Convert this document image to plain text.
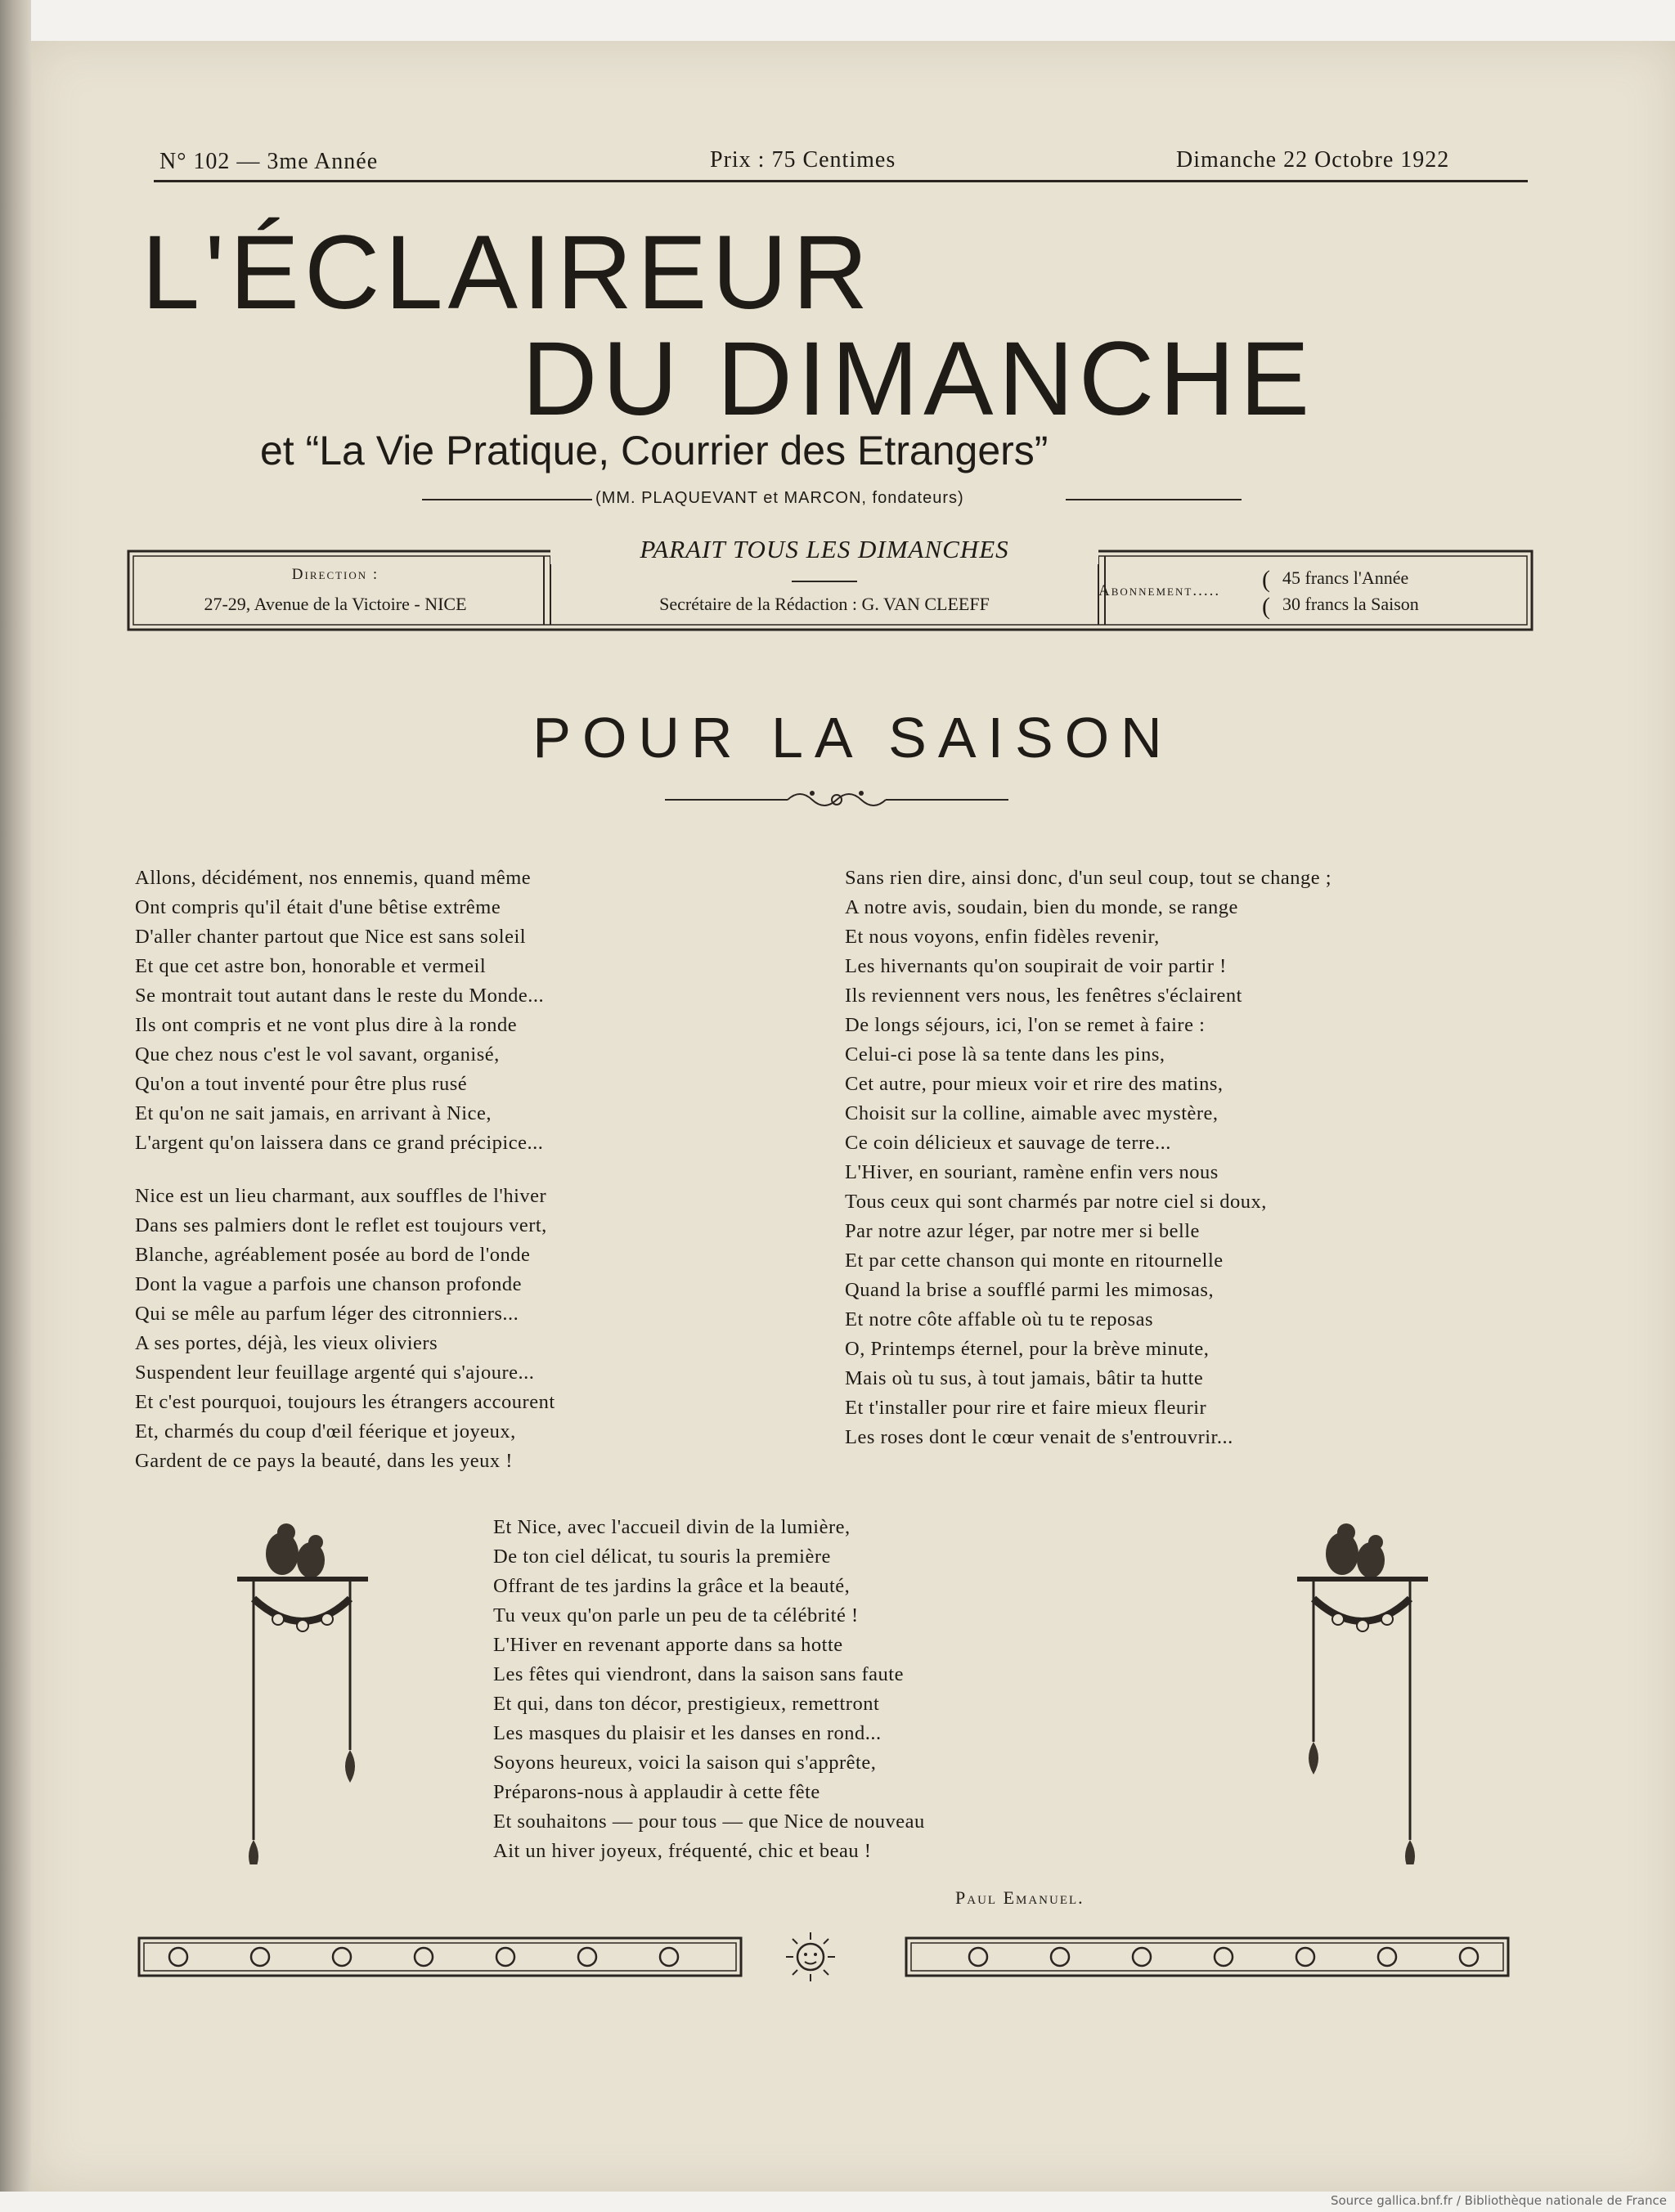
N° 102 — 3me Année	Prix : 75 Centimes	Dimanche 22 Octobre 1922
L'ÉCLAIREUR
DU DIMANCHE
et “La Vie Pratique, Courrier des Etrangers”
(MM. PLAQUEVANT et MARCON, fondateurs)
Direction :
27-29, Avenue de la Victoire - NICE
PARAIT TOUS LES DIMANCHES
Secrétaire de la Rédaction : G. VAN CLEEFF
Abonnement..... (
(
45 francs l'Année
30 francs la Saison
POUR LA SAISON
Allons, décidément, nos ennemis, quand même
Ont compris qu'il était d'une bêtise extrême
D'aller chanter partout que Nice est sans soleil
Et que cet astre bon, honorable et vermeil
Se montrait tout autant dans le reste du Monde...
Ils ont compris et ne vont plus dire à la ronde
Que chez nous c'est le vol savant, organisé,
Qu'on a tout inventé pour être plus rusé
Et qu'on ne sait jamais, en arrivant à Nice,
L'argent qu'on laissera dans ce grand précipice...
Nice est un lieu charmant, aux souffles de l'hiver
Dans ses palmiers dont le reflet est toujours vert,
Blanche, agréablement posée au bord de l'onde
Dont la vague a parfois une chanson profonde
Qui se mêle au parfum léger des citronniers...
A ses portes, déjà, les vieux oliviers
Suspendent leur feuillage argenté qui s'ajoure...
Et c'est pourquoi, toujours les étrangers accourent
Et, charmés du coup d'œil féerique et joyeux,
Gardent de ce pays la beauté, dans les yeux !
Sans rien dire, ainsi donc, d'un seul coup, tout se change ;
A notre avis, soudain, bien du monde, se range
Et nous voyons, enfin fidèles revenir,
Les hivernants qu'on soupirait de voir partir !
Ils reviennent vers nous, les fenêtres s'éclairent
De longs séjours, ici, l'on se remet à faire :
Celui-ci pose là sa tente dans les pins,
Cet autre, pour mieux voir et rire des matins,
Choisit sur la colline, aimable avec mystère,
Ce coin délicieux et sauvage de terre...
L'Hiver, en souriant, ramène enfin vers nous
Tous ceux qui sont charmés par notre ciel si doux,
Par notre azur léger, par notre mer si belle
Et par cette chanson qui monte en ritournelle
Quand la brise a soufflé parmi les mimosas,
Et notre côte affable où tu te reposas
O, Printemps éternel, pour la brève minute,
Mais où tu sus, à tout jamais, bâtir ta hutte
Et t'installer pour rire et faire mieux fleurir
Les roses dont le cœur venait de s'entrouvrir...
Et Nice, avec l'accueil divin de la lumière,
De ton ciel délicat, tu souris la première
Offrant de tes jardins la grâce et la beauté,
Tu veux qu'on parle un peu de ta célébrité !
L'Hiver en revenant apporte dans sa hotte
Les fêtes qui viendront, dans la saison sans faute
Et qui, dans ton décor, prestigieux, remettront
Les masques du plaisir et les danses en rond...
Soyons heureux, voici la saison qui s'apprête,
Préparons-nous à applaudir à cette fête
Et souhaitons — pour tous — que Nice de nouveau
Ait un hiver joyeux, fréquenté, chic et beau !
Paul Emanuel.
Source gallica.bnf.fr / Bibliothèque nationale de France
